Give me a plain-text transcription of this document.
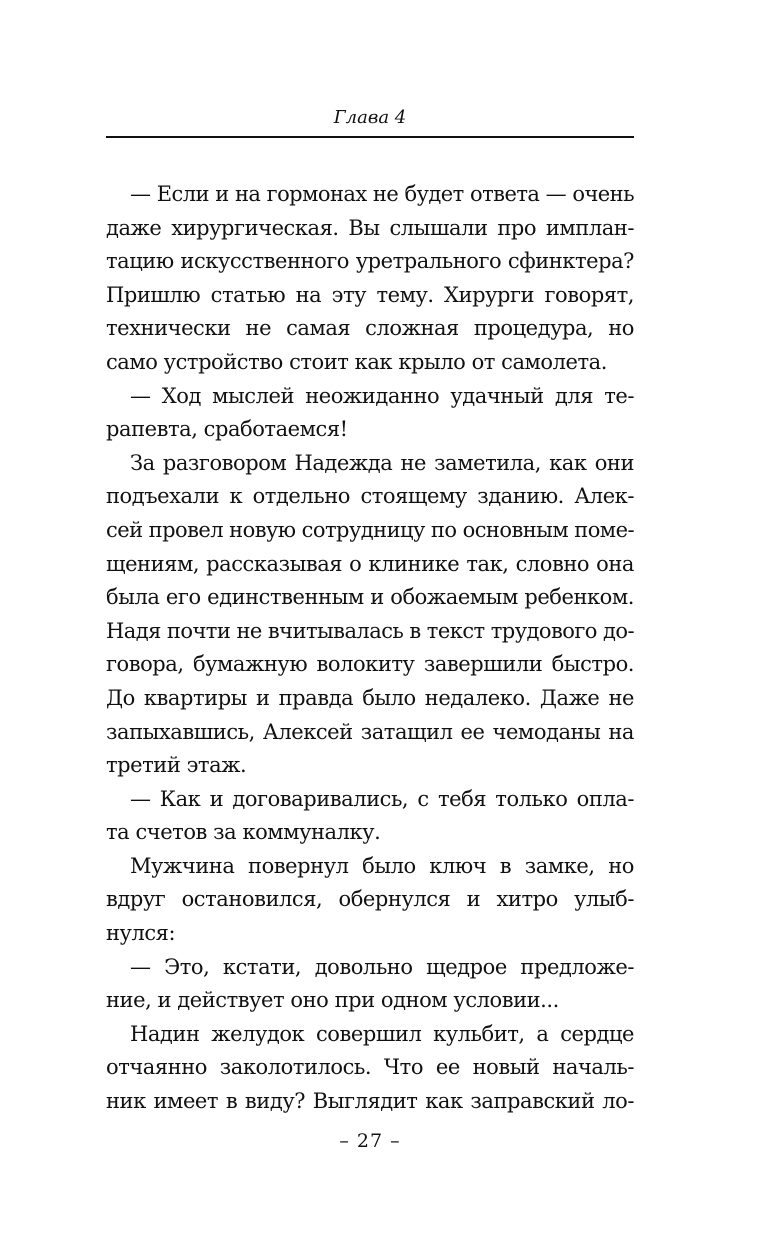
Глава 4
— Если и на гормонах не будет ответа — очень
даже хирургическая. Вы слышали про имплан-
тацию искусственного уретрального сфинктера?
Пришлю статью на эту тему. Хирурги говорят,
технически не самая сложная процедура, но
само устройство стоит как крыло от самолета.
— Ход мыслей неожиданно удачный для те-
рапевта, сработаемся!
За разговором Надежда не заметила, как они
подъехали к отдельно стоящему зданию. Алек-
сей провел новую сотрудницу по основным поме-
щениям, рассказывая о клинике так, словно она
была его единственным и обожаемым ребенком.
Надя почти не вчитывалась в текст трудового до-
говора, бумажную волокиту завершили быстро.
До квартиры и правда было недалеко. Даже не
запыхавшись, Алексей затащил ее чемоданы на
третий этаж.
— Как и договаривались, с тебя только опла-
та счетов за коммуналку.
Мужчина повернул было ключ в замке, но
вдруг остановился, обернулся и хитро улыб-
нулся:
— Это, кстати, довольно щедрое предложе-
ние, и действует оно при одном условии...
Надин желудок совершил кульбит, а сердце
отчаянно заколотилось. Что ее новый началь-
ник имеет в виду? Выглядит как заправский ло-
– 27 –
